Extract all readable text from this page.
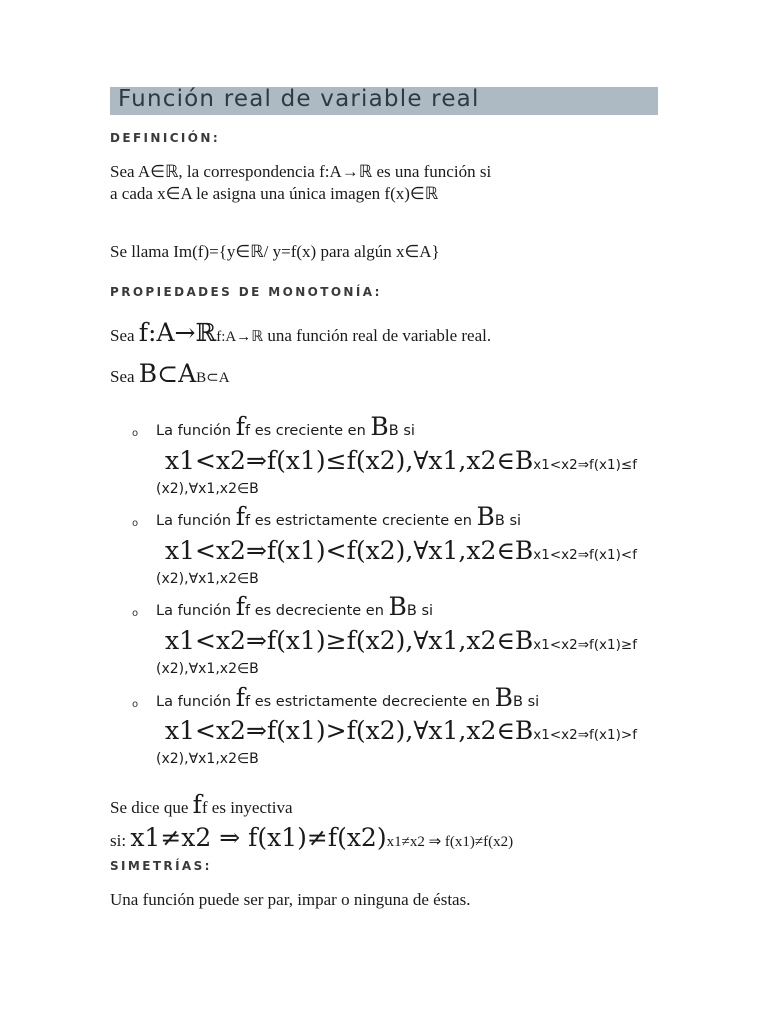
Función real de variable real
DEFINICIÓN:
Sea A∈ℝ, la correspondencia f:A→ℝ es una función si
a cada x∈A le asigna una única imagen f(x)∈ℝ
Se llama Im(f)={y∈ℝ/ y=f(x) para algún x∈A}
PROPIEDADES DE MONOTONÍA:
Sea f:A→ℝf:A→ℝ una función real de variable real.
Sea B⊂AB⊂A
o La función ff es creciente en BB si
x1<x2⇒f(x1)≤f(x2),∀x1,x2∈Bx1<x2⇒f(x1)≤f
(x2),∀x1,x2∈B
o La función ff es estrictamente creciente en BB si
x1<x2⇒f(x1)<f(x2),∀x1,x2∈Bx1<x2⇒f(x1)<f
(x2),∀x1,x2∈B
o La función ff es decreciente en BB si
x1<x2⇒f(x1)≥f(x2),∀x1,x2∈Bx1<x2⇒f(x1)≥f
(x2),∀x1,x2∈B
o La función ff es estrictamente decreciente en BB si
x1<x2⇒f(x1)>f(x2),∀x1,x2∈Bx1<x2⇒f(x1)>f
(x2),∀x1,x2∈B
Se dice que ff es inyectiva
si: x1≠x2 ⇒ f(x1)≠f(x2)x1≠x2 ⇒ f(x1)≠f(x2)
SIMETRÍAS:
Una función puede ser par, impar o ninguna de éstas.
